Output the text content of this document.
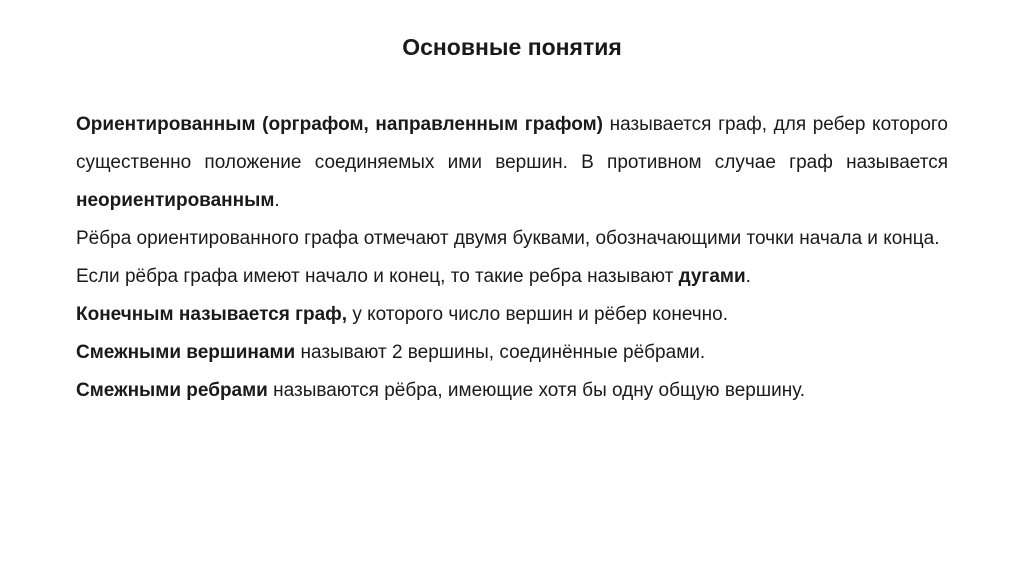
Основные понятия

Ориентированным (орграфом, направленным графом) называется граф, для ребер которого существенно положение соединяемых ими вершин. В противном случае граф называется неориентированным.

Рёбра ориентированного графа отмечают двумя буквами, обозначающими точки начала и конца.

Если рёбра графа имеют начало и конец, то такие ребра называют дугами.

Конечным называется граф, у которого число вершин и рёбер конечно.

Смежными вершинами называют 2 вершины, соединённые рёбрами.

Смежными ребрами называются рёбра, имеющие хотя бы одну общую вершину.
